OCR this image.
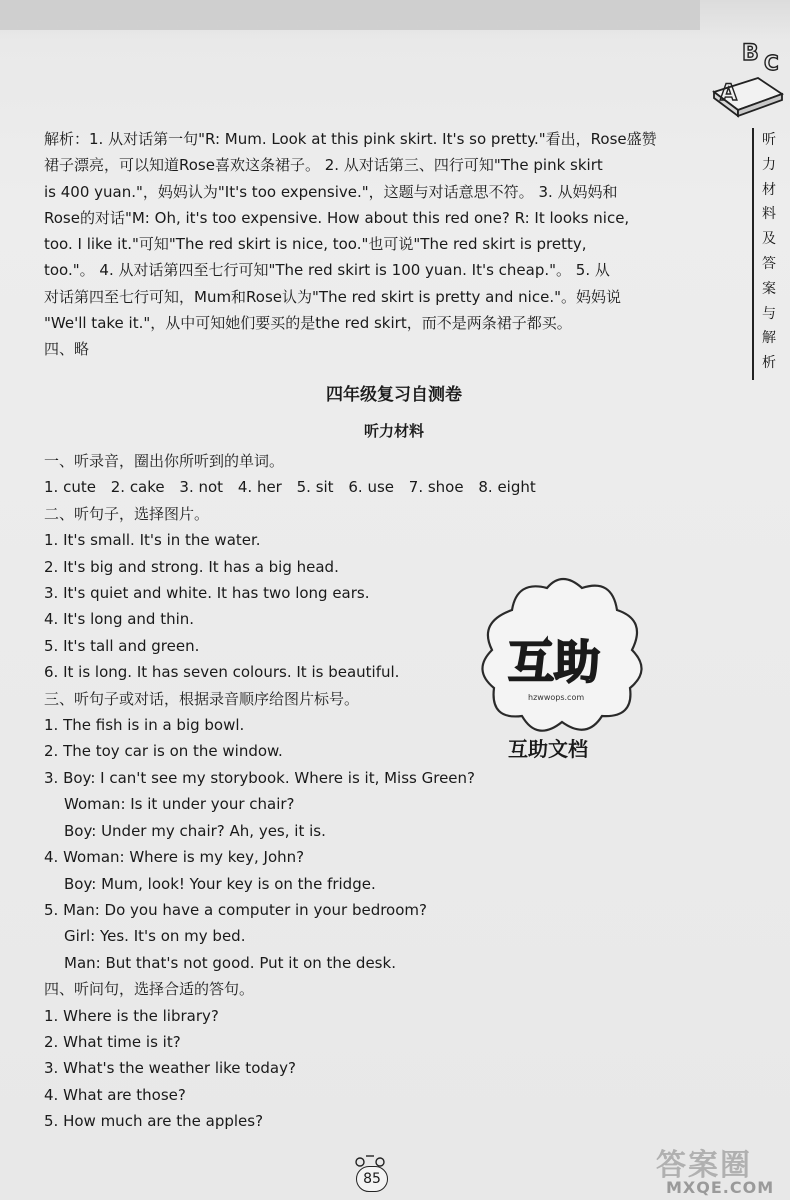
A
B C
听
力
材
料
及
答
案
与
解
析
解析：1. 从对话第一句"R: Mum. Look at this pink skirt. It's so pretty."看出，Rose盛赞
裙子漂亮，可以知道Rose喜欢这条裙子。 2. 从对话第三、四行可知"The pink skirt
is 400 yuan."，妈妈认为"It's too expensive."，这题与对话意思不符。 3. 从妈妈和
Rose的对话"M: Oh, it's too expensive. How about this red one? R: It looks nice,
too. I like it."可知"The red skirt is nice, too."也可说"The red skirt is pretty,
too."。 4. 从对话第四至七行可知"The red skirt is 100 yuan. It's cheap."。 5. 从
对话第四至七行可知，Mum和Rose认为"The red skirt is pretty and nice."。妈妈说
"We'll take it."，从中可知她们要买的是the red skirt，而不是两条裙子都买。
四、略
四年级复习自测卷
听力材料
一、听录音，圈出你所听到的单词。
1. cute 2. cake 3. not 4. her 5. sit 6. use 7. shoe 8. eight
二、听句子，选择图片。
1. It's small. It's in the water.
2. It's big and strong. It has a big head.
3. It's quiet and white. It has two long ears.
4. It's long and thin.
5. It's tall and green.
6. It is long. It has seven colours. It is beautiful.
三、听句子或对话，根据录音顺序给图片标号。
1. The fish is in a big bowl.
2. The toy car is on the window.
3. Boy: I can't see my storybook. Where is it, Miss Green?
Woman: Is it under your chair?
Boy: Under my chair? Ah, yes, it is.
4. Woman: Where is my key, John?
Boy: Mum, look! Your key is on the fridge.
5. Man: Do you have a computer in your bedroom?
Girl: Yes. It's on my bed.
Man: But that's not good. Put it on the desk.
四、听问句，选择合适的答句。
1. Where is the library?
2. What time is it?
3. What's the weather like today?
4. What are those?
5. How much are the apples?
互助
hzwwops.com
互助文档
85	答案圈
MXQE.COM
